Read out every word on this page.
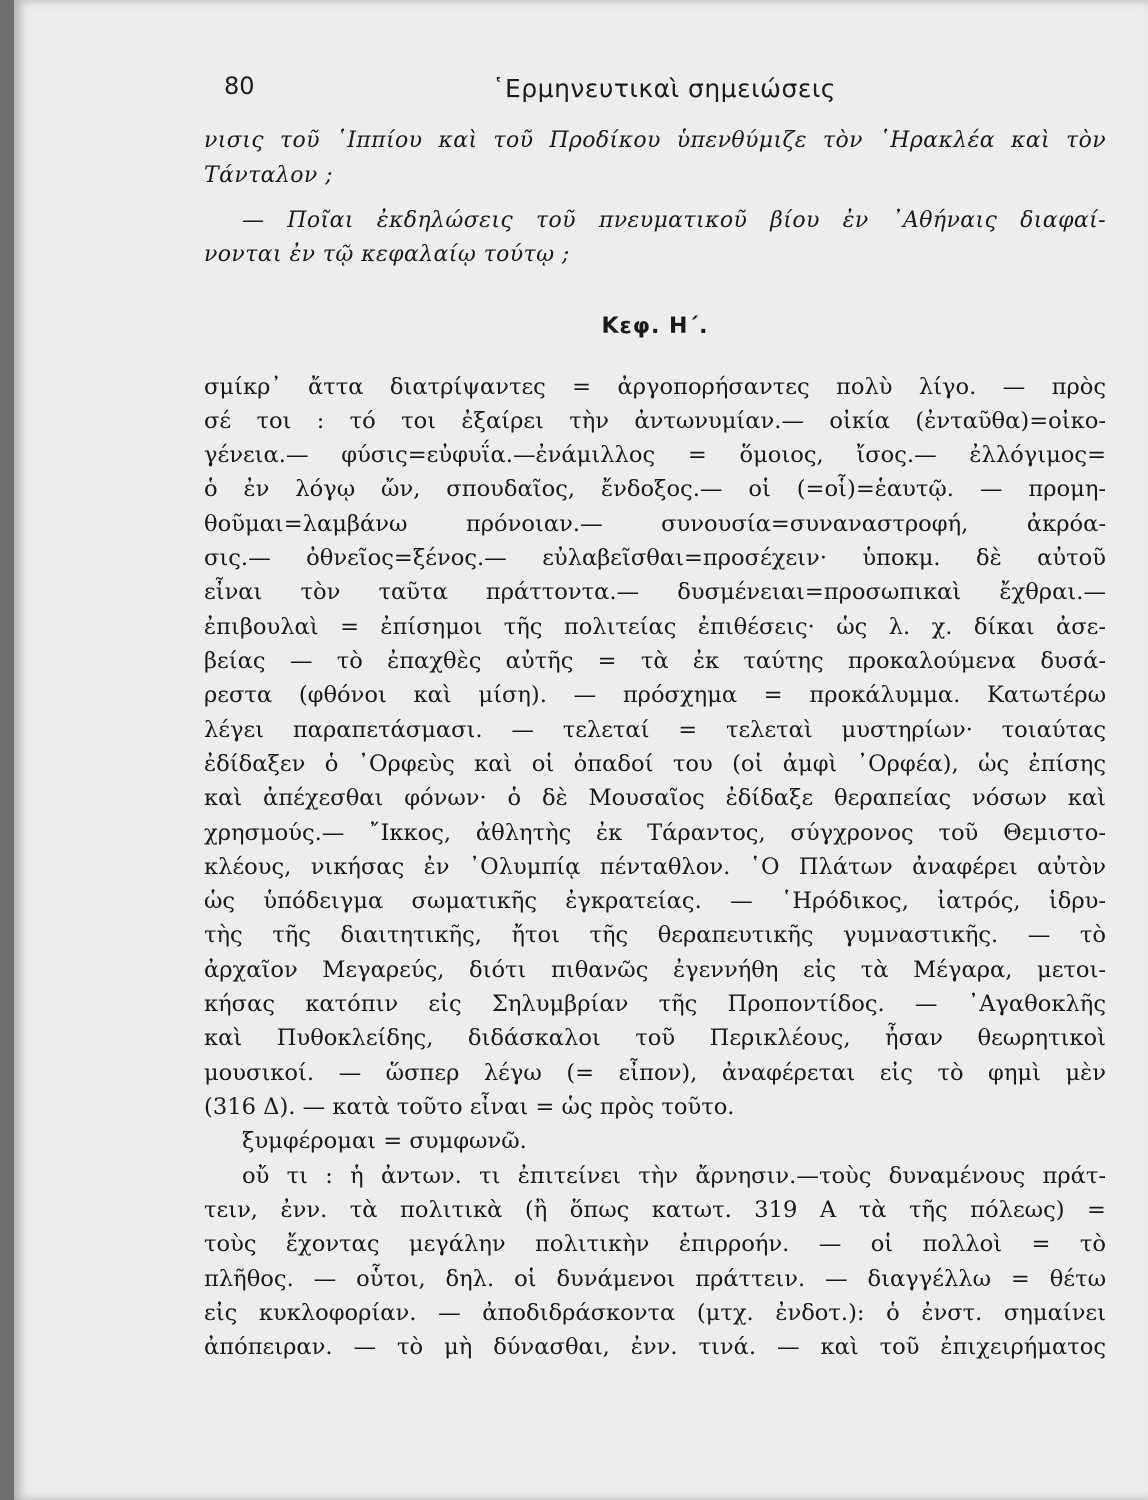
80	῾Ερμηνευτικαὶ σημειώσεις
νισις τοῦ ῾Ιππίου καὶ τοῦ Προδίκου ὑπενθύμιζε τὸν ῾Ηρακλέα καὶ τὸν
Τάνταλον ;
— Ποῖαι ἐκδηλώσεις τοῦ πνευματικοῦ βίου ἐν ᾽Αθήναις διαφαί-
νονται ἐν τῷ κεφαλαίῳ τούτῳ ;
Κεφ. Η΄.
σμίκρ᾽ ἄττα διατρίψαντες = ἀργοπορήσαντες πολὺ λίγο. — πρὸς
σέ τοι : τό τοι ἐξαίρει τὴν ἀντωνυμίαν.— οἰκία (ἐνταῦθα)=οἰκο-
γένεια.— φύσις=εὐφυΐα.—ἐνάμιλλος = ὅμοιος, ἴσος.— ἐλλόγιμος=
ὁ ἐν λόγῳ ὤν, σπουδαῖος, ἔνδοξος.— οἱ (=οἷ)=ἑαυτῷ. — προμη-
θοῦμαι=λαμβάνω πρόνοιαν.— συνουσία=συναναστροφή, ἀκρόα-
σις.— ὀθνεῖος=ξένος.— εὐλαβεῖσθαι=προσέχειν· ὑποκμ. δὲ αὐτοῦ
εἶναι τὸν ταῦτα πράττοντα.— δυσμένειαι=προσωπικαὶ ἔχθραι.—
ἐπιβουλαὶ = ἐπίσημοι τῆς πολιτείας ἐπιθέσεις· ὡς λ. χ. δίκαι ἀσε-
βείας — τὸ ἐπαχθὲς αὐτῆς = τὰ ἐκ ταύτης προκαλούμενα δυσά-
ρεστα (φθόνοι καὶ μίση). — πρόσχημα = προκάλυμμα. Κατωτέρω
λέγει παραπετάσμασι. — τελεταί = τελεταὶ μυστηρίων· τοιαύτας
ἐδίδαξεν ὁ ᾽Ορφεὺς καὶ οἱ ὀπαδοί του (οἱ ἀμφὶ ᾽Ορφέα), ὡς ἐπίσης
καὶ ἀπέχεσθαι φόνων· ὁ δὲ Μουσαῖος ἐδίδαξε θεραπείας νόσων καὶ
χρησμούς.— ῎Ικκος, ἀθλητὴς ἐκ Τάραντος, σύγχρονος τοῦ Θεμιστο-
κλέους, νικήσας ἐν ᾽Ολυμπίᾳ πένταθλον. ῾Ο Πλάτων ἀναφέρει αὐτὸν
ὡς ὑπόδειγμα σωματικῆς ἐγκρατείας. — ῾Ηρόδικος, ἰατρός, ἱδρυ-
τὴς τῆς διαιτητικῆς, ἤτοι τῆς θεραπευτικῆς γυμναστικῆς. — τὸ
ἀρχαῖον Μεγαρεύς, διότι πιθανῶς ἐγεννήθη εἰς τὰ Μέγαρα, μετοι-
κήσας κατόπιν εἰς Σηλυμβρίαν τῆς Προποντίδος. — ᾽Αγαθοκλῆς
καὶ Πυθοκλείδης, διδάσκαλοι τοῦ Περικλέους, ἦσαν θεωρητικοὶ
μουσικοί. — ὥσπερ λέγω (= εἶπον), ἀναφέρεται εἰς τὸ φημὶ μὲν
(316 Δ). — κατὰ τοῦτο εἶναι = ὡς πρὸς τοῦτο.
ξυμφέρομαι = συμφωνῶ.
οὔ τι : ἡ ἀντων. τι ἐπιτείνει τὴν ἄρνησιν.—τοὺς δυναμένους πράτ-
τειν, ἐνν. τὰ πολιτικὰ (ἢ ὅπως κατωτ. 319 Α τὰ τῆς πόλεως) =
τοὺς ἔχοντας μεγάλην πολιτικὴν ἐπιρροήν. — οἱ πολλοὶ = τὸ
πλῆθος. — οὗτοι, δηλ. οἱ δυνάμενοι πράττειν. — διαγγέλλω = θέτω
εἰς κυκλοφορίαν. — ἀποδιδράσκοντα (μτχ. ἐνδοτ.): ὁ ἐνστ. σημαίνει
ἀπόπειραν. — τὸ μὴ δύνασθαι, ἐνν. τινά. — καὶ τοῦ ἐπιχειρήματος
